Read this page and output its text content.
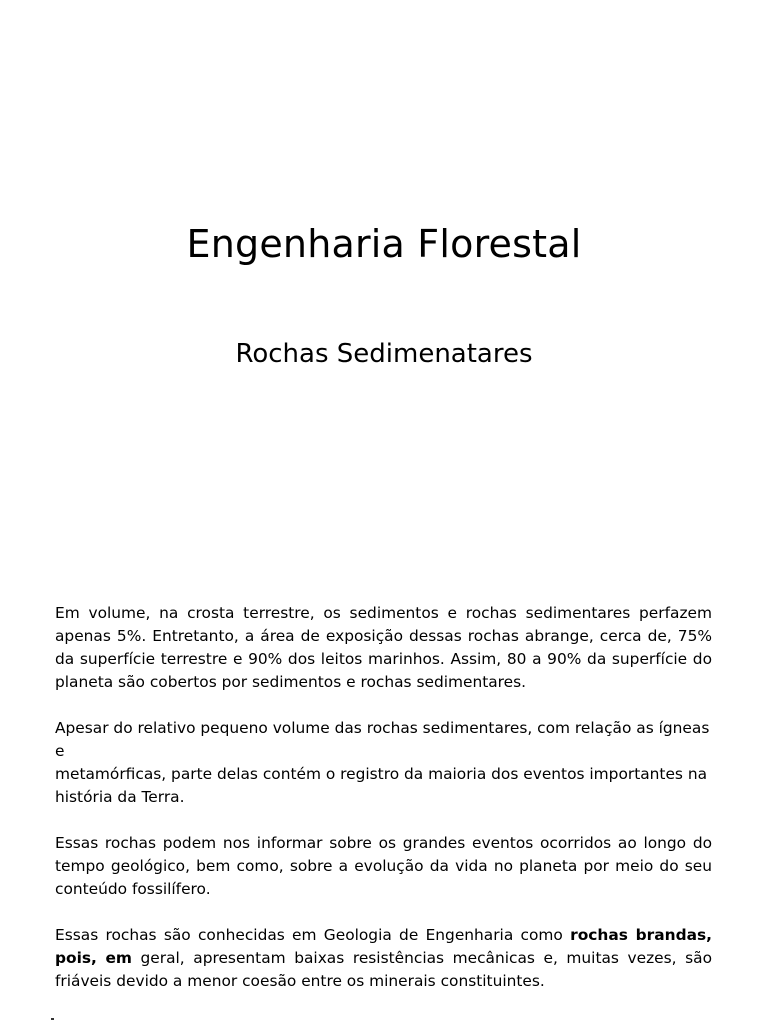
Engenharia Florestal
Rochas Sedimenatares

Em volume, na crosta terrestre, os sedimentos e rochas sedimentares perfazem
apenas 5%. Entretanto, a área de exposição dessas rochas abrange, cerca de, 75%
da superfície terrestre e 90% dos leitos marinhos. Assim, 80 a 90% da superfície do
planeta são cobertos por sedimentos e rochas sedimentares.

Apesar do relativo pequeno volume das rochas sedimentares, com relação as ígneas
e
metamórficas, parte delas contém o registro da maioria dos eventos importantes na
história da Terra.

Essas rochas podem nos informar sobre os grandes eventos ocorridos ao longo do
tempo geológico, bem como, sobre a evolução da vida no planeta por meio do seu
conteúdo fossilífero.

Essas rochas são conhecidas em Geologia de Engenharia como rochas brandas,
pois, em geral, apresentam baixas resistências mecânicas e, muitas vezes, são
friáveis devido a menor coesão entre os minerais constituintes.
